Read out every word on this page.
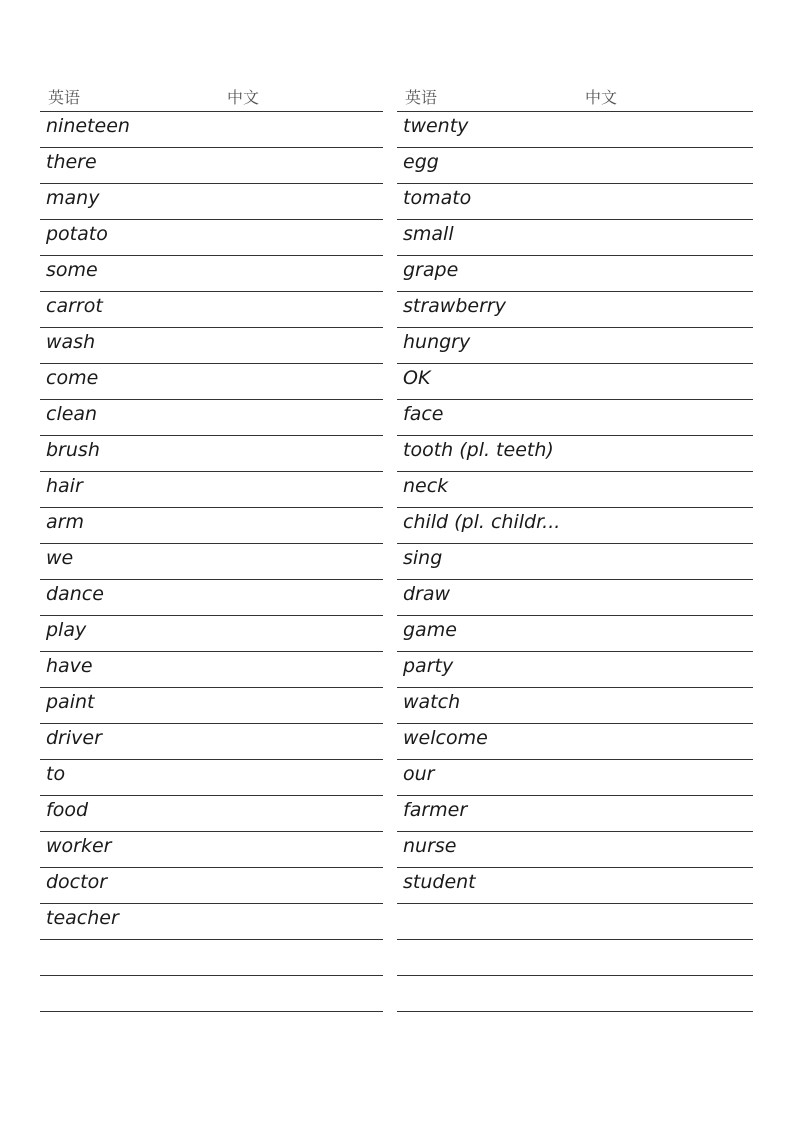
英语	中文
nineteen
there
many
potato
some
carrot
wash
come
clean
brush
hair
arm
we
dance
play
have
paint
driver
to
food
worker
doctor
teacher
英语	中文
twenty
egg
tomato
small
grape
strawberry
hungry
OK
face
tooth (pl. teeth)
neck
child (pl. childr...
sing
draw
game
party
watch
welcome
our
farmer
nurse
student
